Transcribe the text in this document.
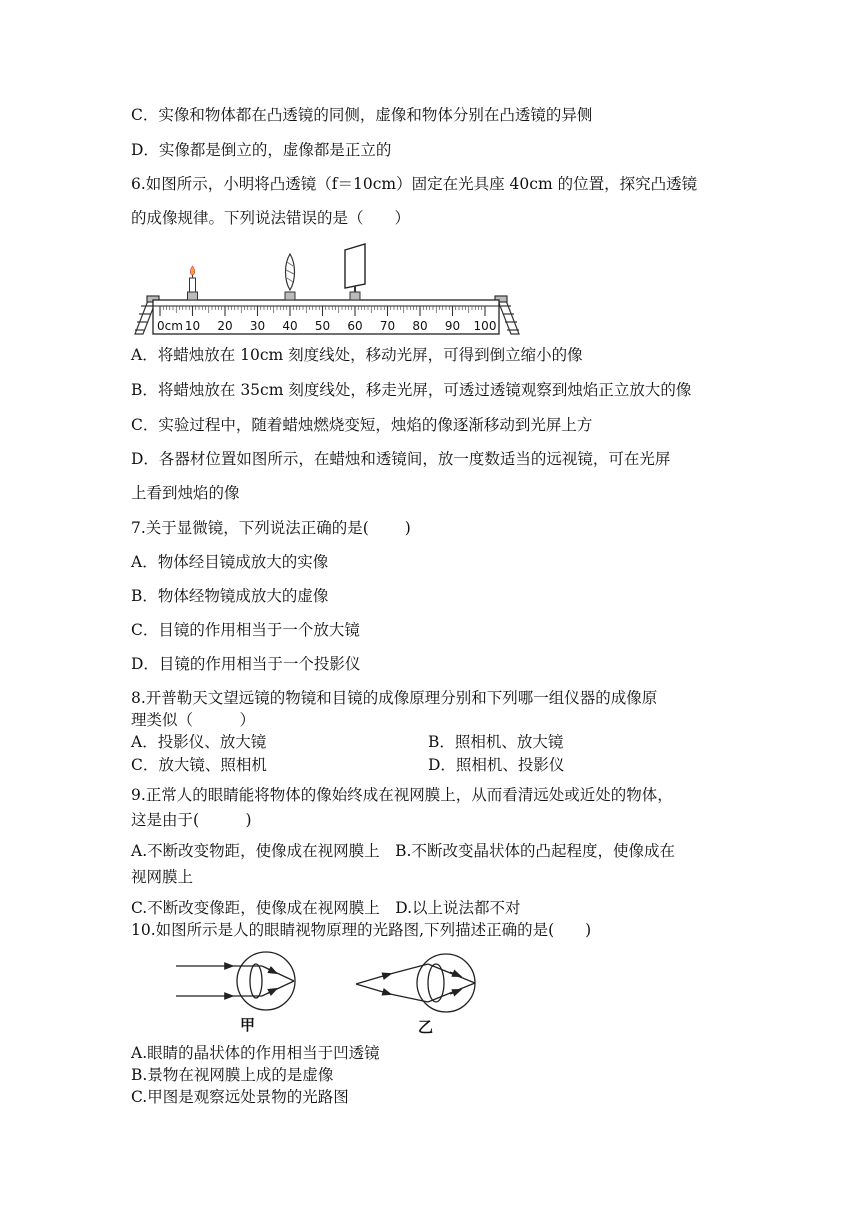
C．实像和物体都在凸透镜的同侧，虚像和物体分别在凸透镜的异侧
D．实像都是倒立的，虚像都是正立的
6.如图所示，小明将凸透镜（f＝10cm）固定在光具座 40cm 的位置，探究凸透镜
的成像规律。下列说法错误的是（　　）
10 20 30 40 50 60 70 80 90 100
0cm
A．将蜡烛放在 10cm 刻度线处，移动光屏，可得到倒立缩小的像
B．将蜡烛放在 35cm 刻度线处，移走光屏，可透过透镜观察到烛焰正立放大的像
C．实验过程中，随着蜡烛燃烧变短，烛焰的像逐渐移动到光屏上方
D．各器材位置如图所示，在蜡烛和透镜间，放一度数适当的远视镜，可在光屏
上看到烛焰的像
7.关于显微镜，下列说法正确的是(　　 )
A．物体经目镜成放大的实像
B．物体经物镜成放大的虚像
C．目镜的作用相当于一个放大镜
D．目镜的作用相当于一个投影仪
8.开普勒天文望远镜的物镜和目镜的成像原理分别和下列哪一组仪器的成像原
理类似（　　　）
A．投影仪、放大镜	B．照相机、放大镜
C．放大镜、照相机	D．照相机、投影仪
9.正常人的眼睛能将物体的像始终成在视网膜上，从而看清远处或近处的物体，
这是由于(　　　)
A.不断改变物距，使像成在视网膜上　B.不断改变晶状体的凸起程度，使像成在
视网膜上
C.不断改变像距，使像成在视网膜上　D.以上说法都不对
10.如图所示是人的眼睛视物原理的光路图,下列描述正确的是(　　)
甲	乙
A.眼睛的晶状体的作用相当于凹透镜
B.景物在视网膜上成的是虚像
C.甲图是观察远处景物的光路图
